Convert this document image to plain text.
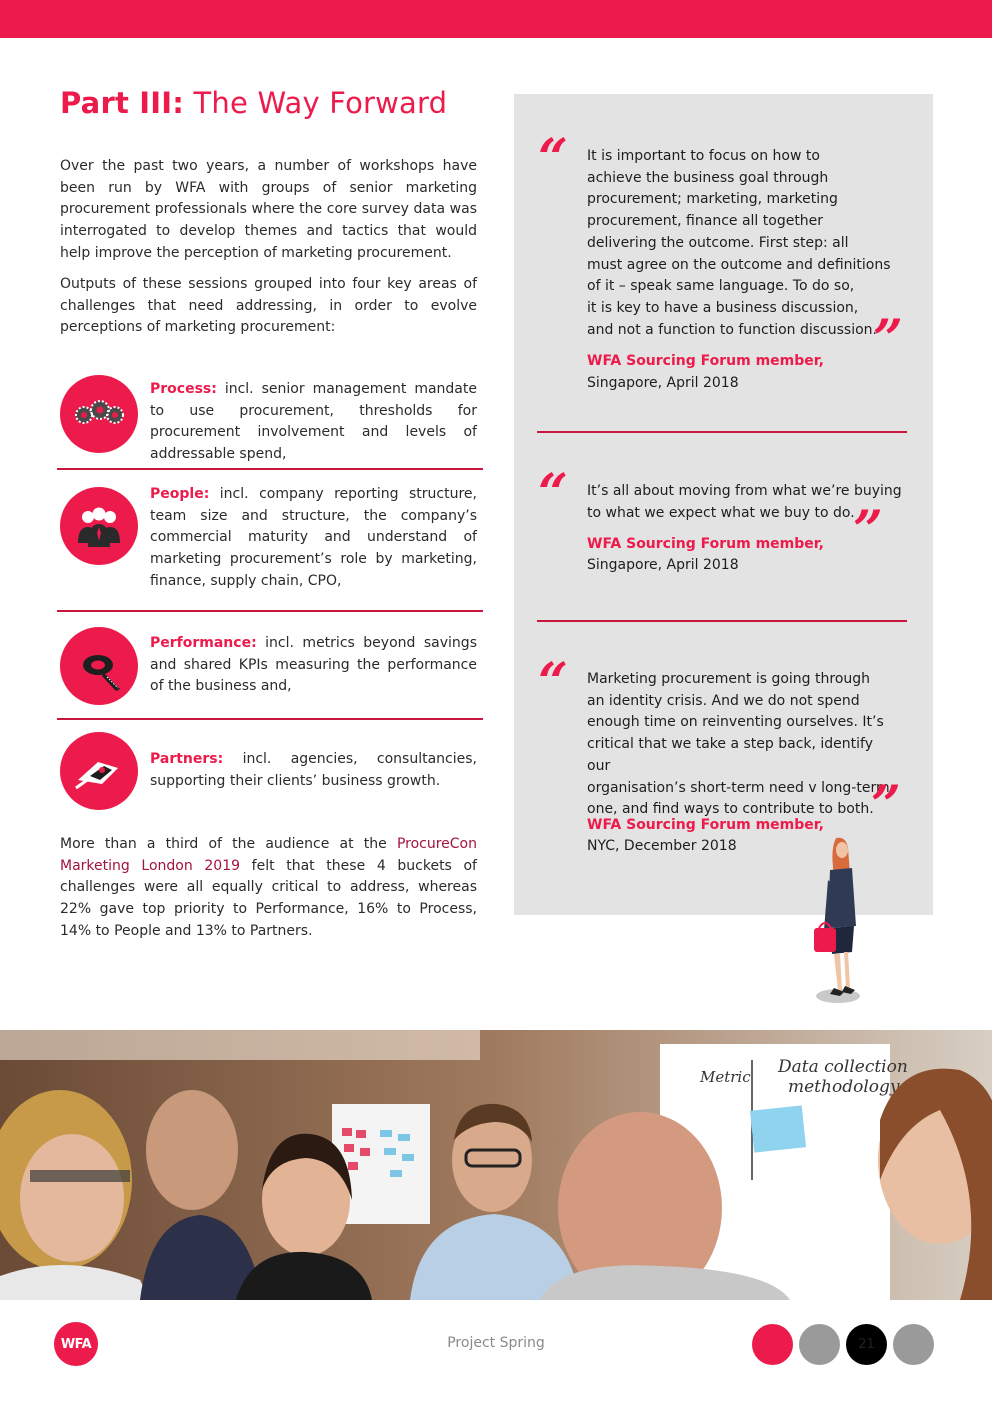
Part III: The Way Forward

Over the past two years, a number of workshops have been run by WFA with groups of senior marketing procurement professionals where the core survey data was interrogated to develop themes and tactics that would help improve the perception of marketing procurement.

Outputs of these sessions grouped into four key areas of challenges that need addressing, in order to evolve perceptions of marketing procurement:

Process: incl. senior management mandate to use procurement, thresholds for procurement involvement and levels of addressable spend,

People: incl. company reporting structure, team size and structure, the company’s commercial maturity and understand of marketing procurement’s role by marketing, finance, supply chain, CPO,

Performance: incl. metrics beyond savings and shared KPIs measuring the performance of the business and,

Partners: incl. agencies, consultancies, supporting their clients’ business growth.

More than a third of the audience at the ProcureCon Marketing London 2019 felt that these 4 buckets of challenges were all equally critical to address, whereas 22% gave top priority to Performance, 16% to Process, 14% to People and 13% to Partners.

“ It is important to focus on how to
achieve the business goal through
procurement; marketing, marketing
procurement, finance all together
delivering the outcome. First step: all
must agree on the outcome and definitions
of it – speak same language. To do so,
it is key to have a business discussion,
and not a function to function discussion.

”

WFA Sourcing Forum member,

Singapore, April 2018

“ It’s all about moving from what we’re buying
to what we expect what we buy to do.

”

WFA Sourcing Forum member,

Singapore, April 2018

“ Marketing procurement is going through
an identity crisis. And we do not spend
enough time on reinventing ourselves. It’s
critical that we take a step back, identify our
organisation’s short-term need v long-term
one, and find ways to contribute to both.

”

WFA Sourcing Forum member,

NYC, December 2018

Metric Data collection
methodology
WFA	Project Spring	21
